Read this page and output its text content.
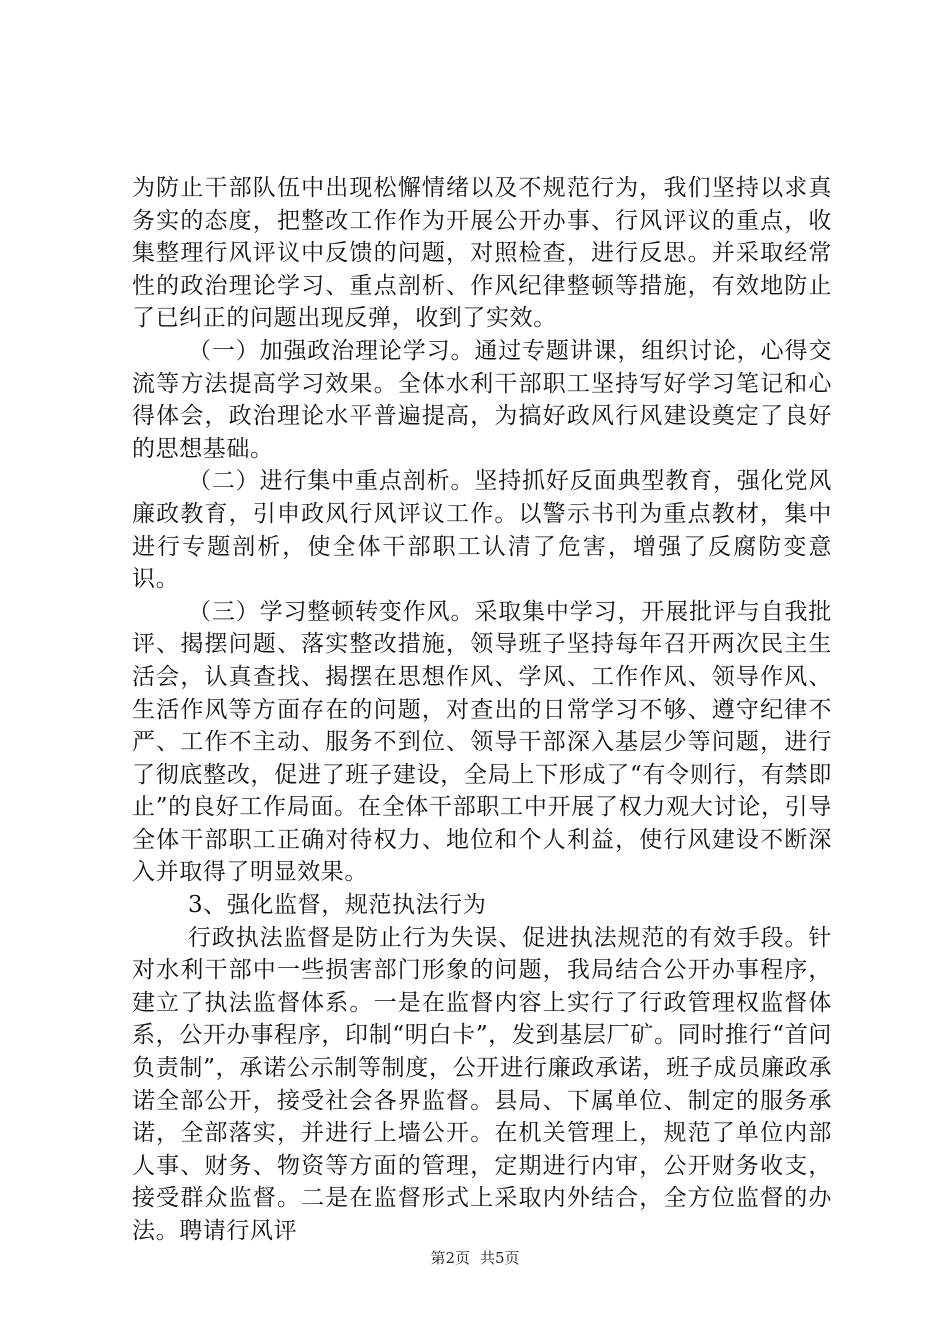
为防止干部队伍中出现松懈情绪以及不规范行为，我们坚持以求真务实的态度，把整改工作作为开展公开办事、行风评议的重点，收集整理行风评议中反馈的问题，对照检查，进行反思。并采取经常性的政治理论学习、重点剖析、作风纪律整顿等措施，有效地防止了已纠正的问题出现反弹，收到了实效。

（一）加强政治理论学习。通过专题讲课，组织讨论，心得交流等方法提高学习效果。全体水利干部职工坚持写好学习笔记和心得体会，政治理论水平普遍提高，为搞好政风行风建设奠定了良好的思想基础。

（二）进行集中重点剖析。坚持抓好反面典型教育，强化党风廉政教育，引申政风行风评议工作。以警示书刊为重点教材，集中进行专题剖析，使全体干部职工认清了危害，增强了反腐防变意识。

（三）学习整顿转变作风。采取集中学习，开展批评与自我批评、揭摆问题、落实整改措施，领导班子坚持每年召开两次民主生活会，认真查找、揭摆在思想作风、学风、工作作风、领导作风、生活作风等方面存在的问题，对查出的日常学习不够、遵守纪律不严、工作不主动、服务不到位、领导干部深入基层少等问题，进行了彻底整改，促进了班子建设，全局上下形成了“有令则行，有禁即止”的良好工作局面。在全体干部职工中开展了权力观大讨论，引导全体干部职工正确对待权力、地位和个人利益，使行风建设不断深入并取得了明显效果。

3、强化监督，规范执法行为

行政执法监督是防止行为失误、促进执法规范的有效手段。针对水利干部中一些损害部门形象的问题，我局结合公开办事程序，建立了执法监督体系。一是在监督内容上实行了行政管理权监督体系，公开办事程序，印制“明白卡”，发到基层厂矿。同时推行“首问负责制”，承诺公示制等制度，公开进行廉政承诺，班子成员廉政承诺全部公开，接受社会各界监督。县局、下属单位、制定的服务承诺，全部落实，并进行上墙公开。在机关管理上，规范了单位内部人事、财务、物资等方面的管理，定期进行内审，公开财务收支，接受群众监督。二是在监督形式上采取内外结合，全方位监督的办法。聘请行风评

第2页 共5页
